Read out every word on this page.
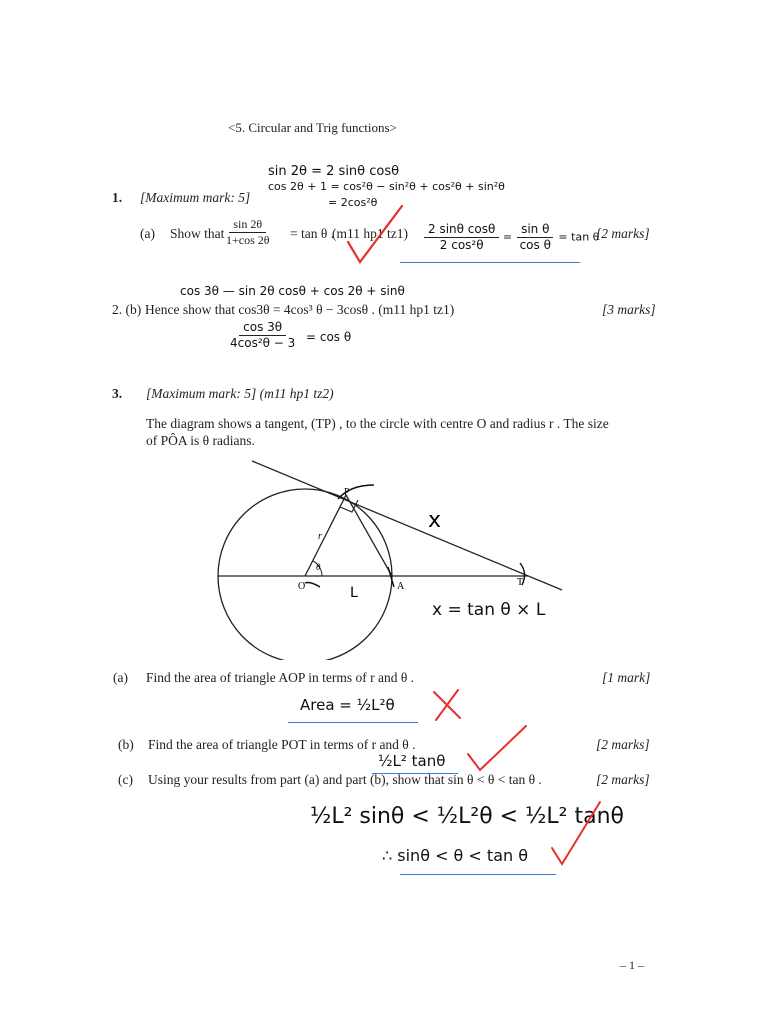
<5. Circular and Trig functions>
sin 2θ = 2 sinθ cosθ
cos 2θ + 1 = cos²θ − sin²θ + cos²θ + sin²θ
= 2cos²θ
1. [Maximum mark: 5]
(a) Show that
$\frac{\sin 2\theta}{1+\cos 2\theta} = \tan \theta$ .
(m11 hp1 tz1)	[2 marks]
$\frac{\text{2 sinθ cosθ}}{\text{2 cos²θ}} = \frac{\text{sin θ}}{\text{cos θ}} = \tan \theta$
cos 3θ — sin 2θ cosθ + cos 2θ + sinθ
2. (b) Hence show that cos3θ = 4cos³ θ − 3cosθ . (m11 hp1 tz1)	[3 marks]
$\frac{\cos 3\theta}{\text{4cos²θ − 3}} = \cos \theta$
3. [Maximum mark: 5] (m11 hp1 tz2)
The diagram shows a tangent, (TP) , to the circle with centre O and radius r . The size
of PÔA is θ radians.
P
O	A	T
r
θ
x
L
x = tan θ × L
(a) Find the area of triangle AOP in terms of r and θ .	[1 mark]
Area = ½L²θ
(b) Find the area of triangle POT in terms of r and θ .	[2 marks]
½L² tanθ
(c) Using your results from part (a) and part (b), show that sin θ < θ < tan θ .	[2 marks]
½L² sinθ < ½L²θ < ½L² tanθ
∴ sinθ < θ < tan θ
– 1 –
